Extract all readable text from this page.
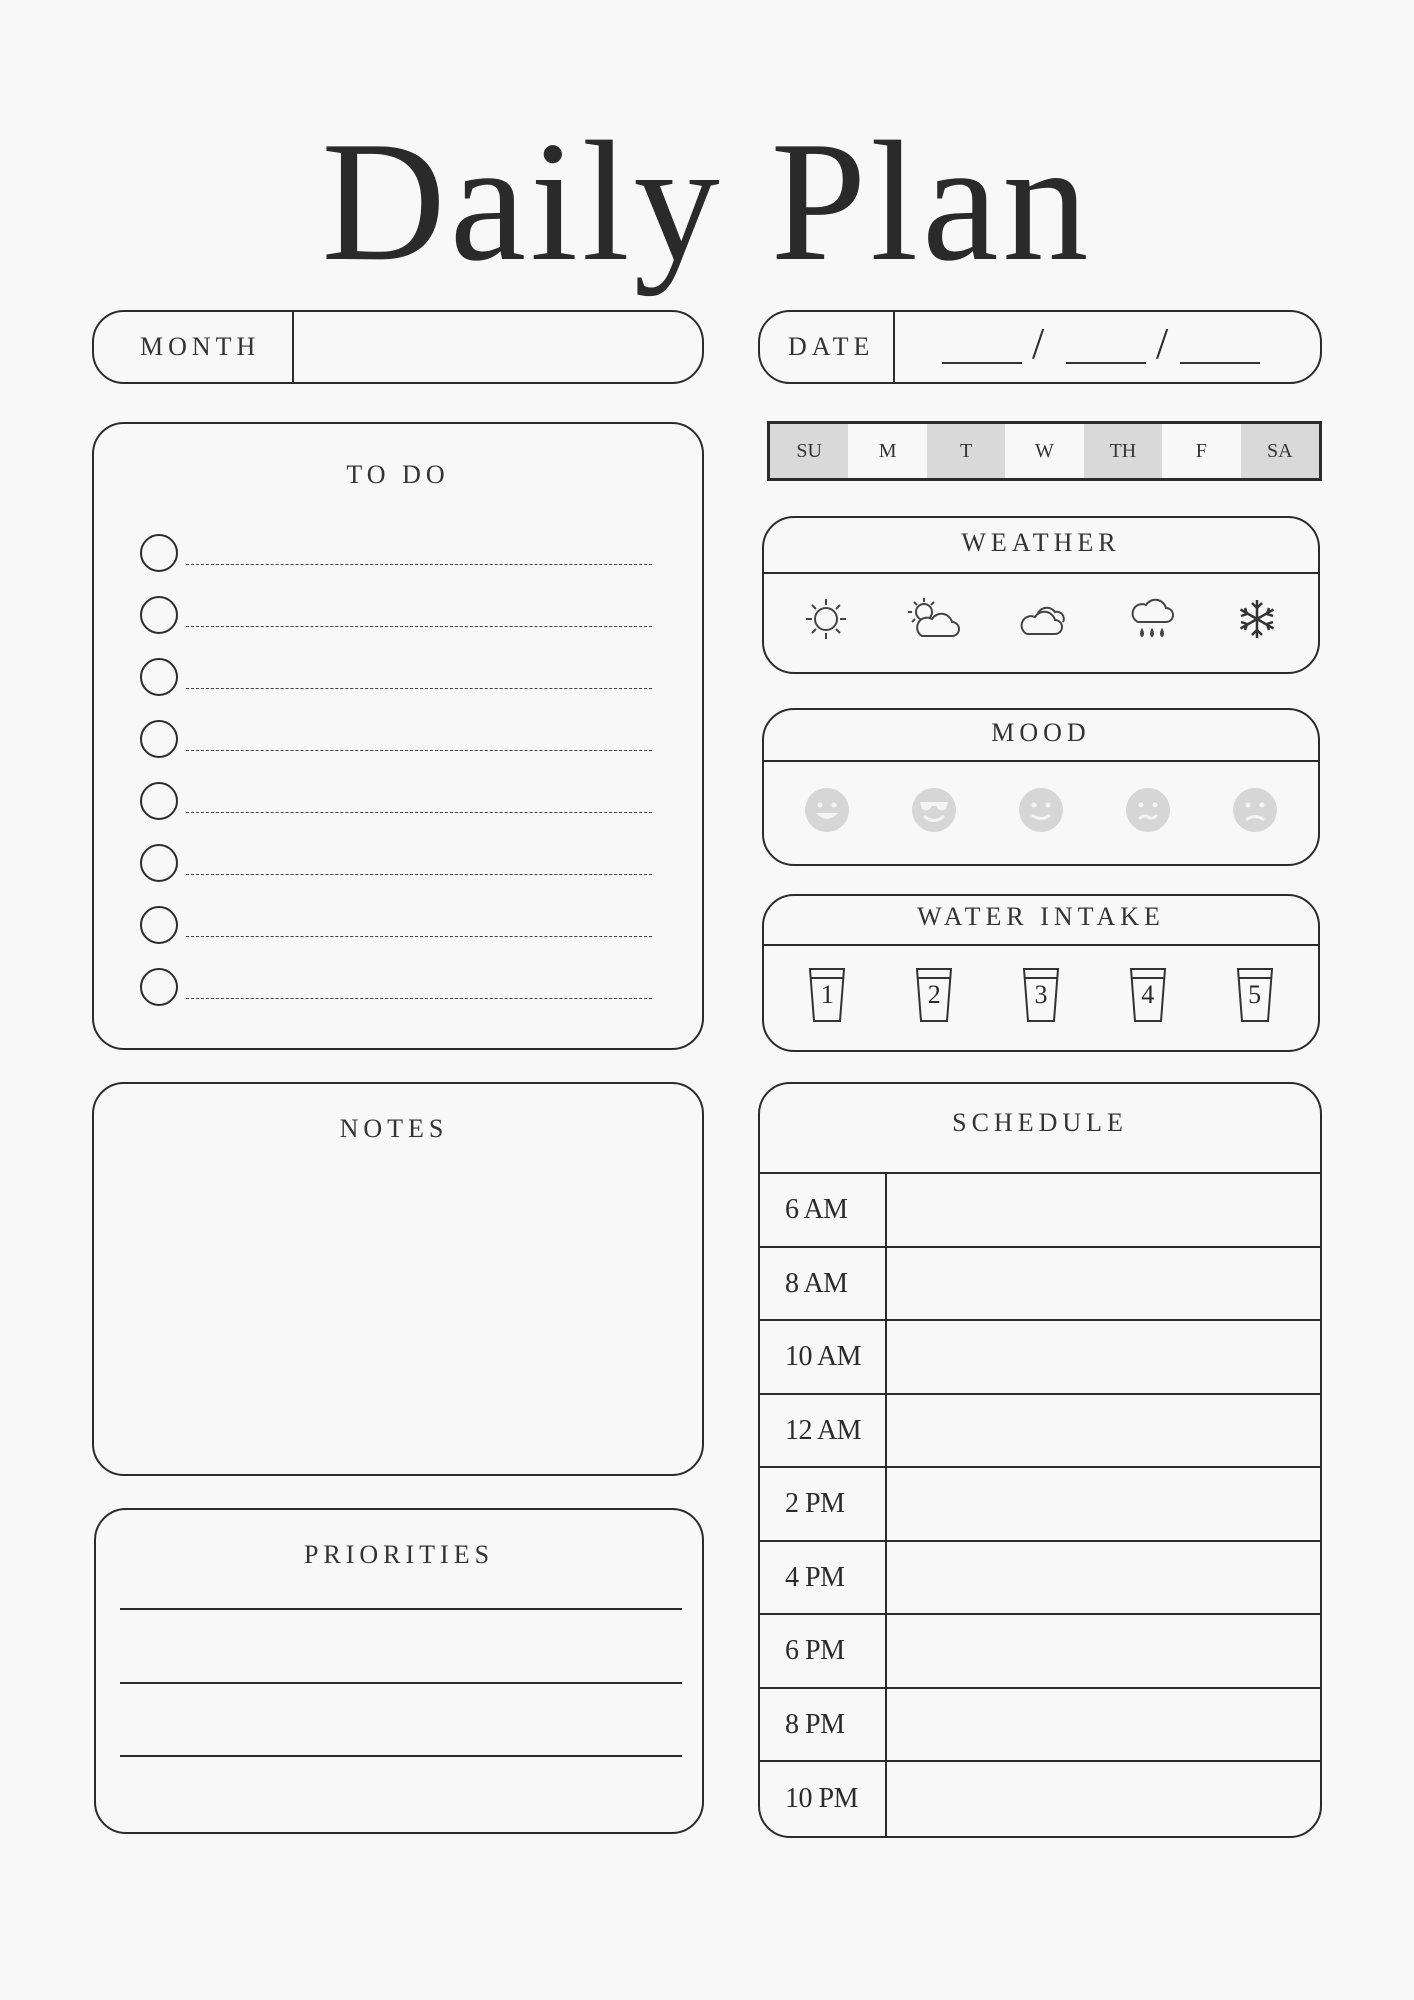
Daily Plan
MONTH	DATE	/	/
SU	M	T	W	TH	F	SA
TO DO
WEATHER
MOOD
WATER INTAKE
1	2	3	4	5
NOTES
PRIORITIES
SCHEDULE
6 AM
8 AM
10 AM
12 AM
2 PM
4 PM
6 PM
8 PM
10 PM
